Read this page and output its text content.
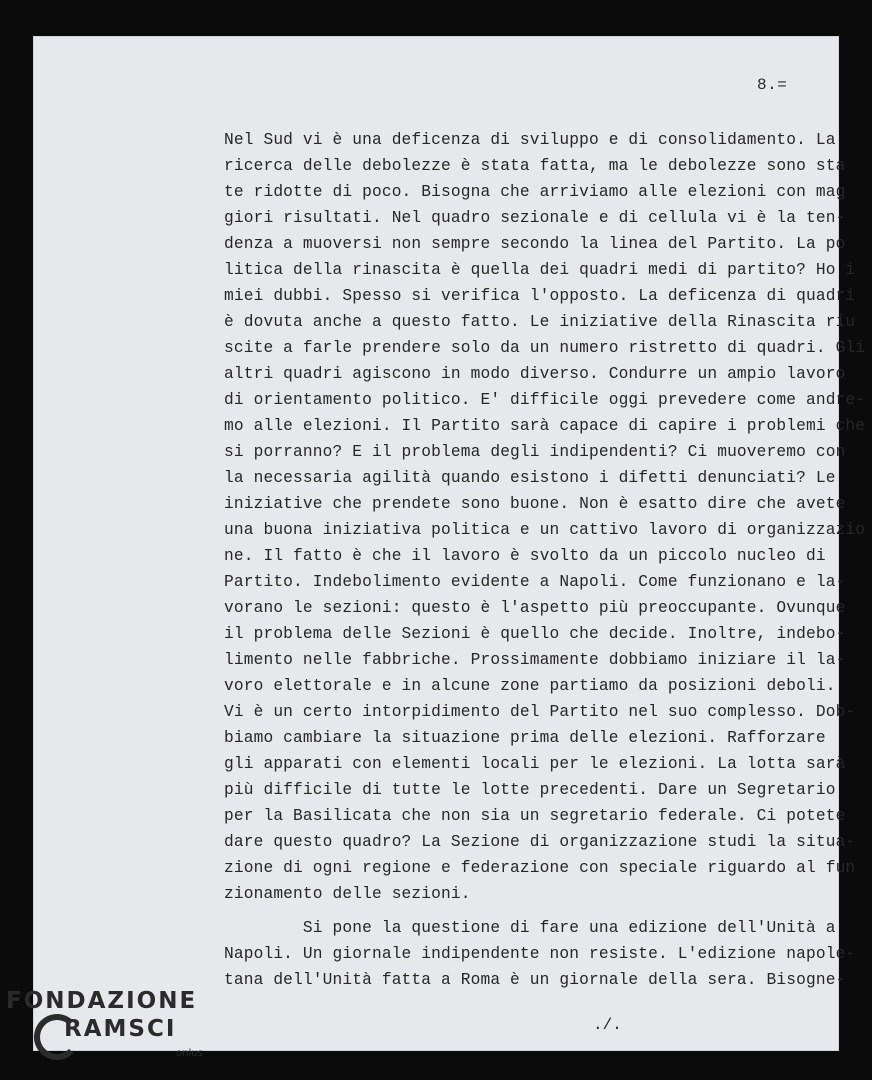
8.=
Nel Sud vi è una deficenza di sviluppo e di consolidamento. La
ricerca delle debolezze è stata fatta, ma le debolezze sono sta
te ridotte di poco. Bisogna che arriviamo alle elezioni con mag
giori risultati. Nel quadro sezionale e di cellula vi è la ten-
denza a muoversi non sempre secondo la linea del Partito. La po
litica della rinascita è quella dei quadri medi di partito? Ho i
miei dubbi. Spesso si verifica l'opposto. La deficenza di quadri
è dovuta anche a questo fatto. Le iniziative della Rinascita riu
scite a farle prendere solo da un numero ristretto di quadri. Gli
altri quadri agiscono in modo diverso. Condurre un ampio lavoro
di orientamento politico. E' difficile oggi prevedere come andre-
mo alle elezioni. Il Partito sarà capace di capire i problemi che
si porranno? E il problema degli indipendenti? Ci muoveremo con
la necessaria agilità quando esistono i difetti denunciati? Le
iniziative che prendete sono buone. Non è esatto dire che avete
una buona iniziativa politica e un cattivo lavoro di organizzazio
ne. Il fatto è che il lavoro è svolto da un piccolo nucleo di
Partito. Indebolimento evidente a Napoli. Come funzionano e la-
vorano le sezioni: questo è l'aspetto più preoccupante. Ovunque
il problema delle Sezioni è quello che decide. Inoltre, indebo-
limento nelle fabbriche. Prossimamente dobbiamo iniziare il la-
voro elettorale e in alcune zone partiamo da posizioni deboli.
Vi è un certo intorpidimento del Partito nel suo complesso. Dob-
biamo cambiare la situazione prima delle elezioni. Rafforzare
gli apparati con elementi locali per le elezioni. La lotta sarà
più difficile di tutte le lotte precedenti. Dare un Segretario
per la Basilicata che non sia un segretario federale. Ci potete
dare questo quadro? La Sezione di organizzazione studi la situa-
zione di ogni regione e federazione con speciale riguardo al fun
zionamento delle sezioni.
Si pone la questione di fare una edizione dell'Unità a
Napoli. Un giornale indipendente non resiste. L'edizione napole-
tana dell'Unità fatta a Roma è un giornale della sera. Bisogne-
./.
FONDAZIONE
RAMSCI
onlus
